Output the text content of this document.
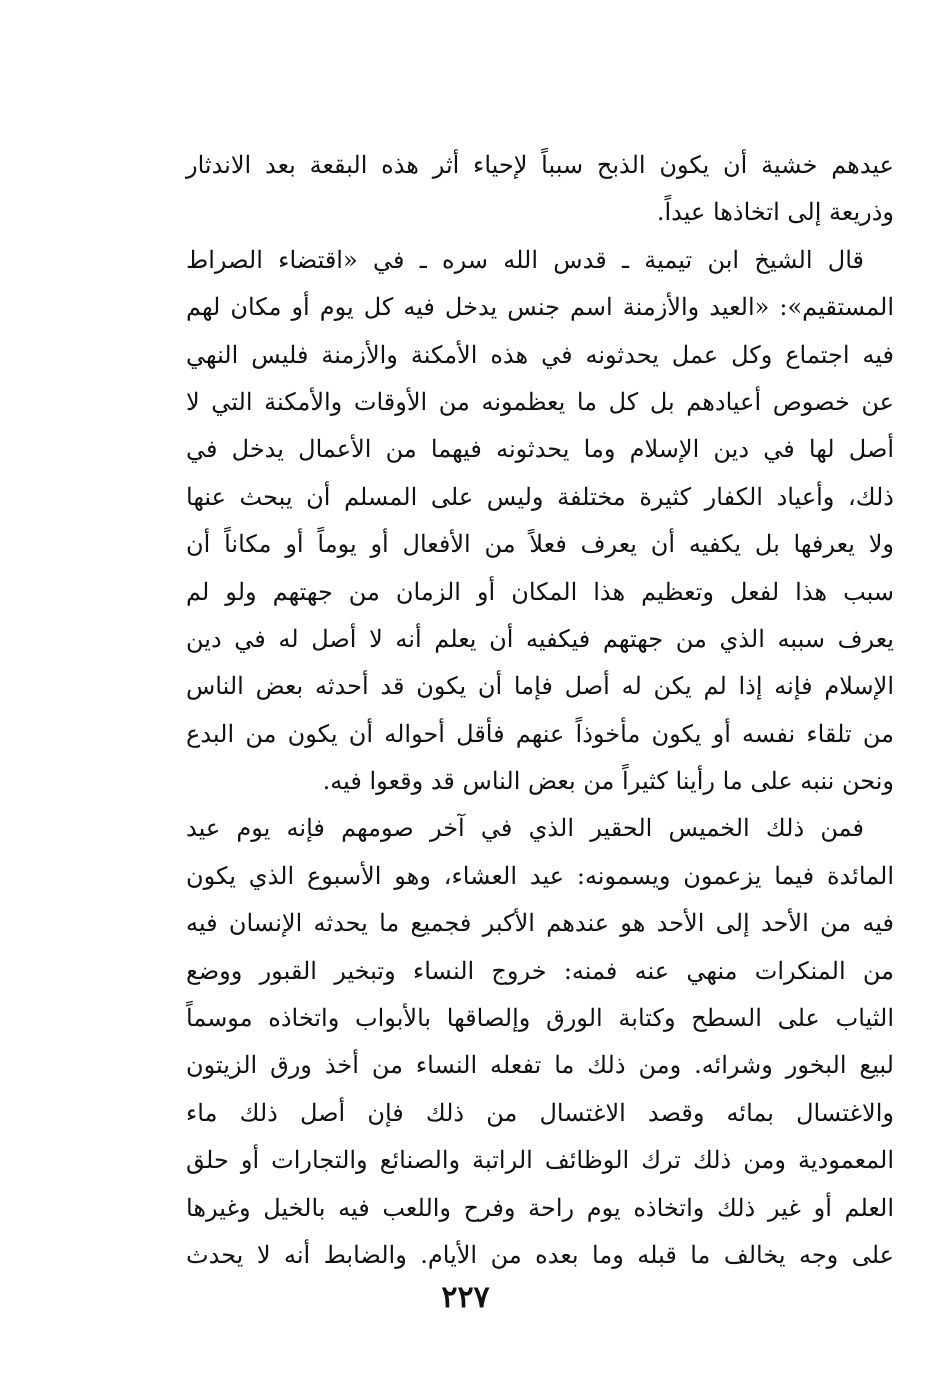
عيدهم خشية أن يكون الذبح سبباً لإحياء أثر هذه البقعة بعد الاندثار
وذريعة إلى اتخاذها عيداً.
قال الشيخ ابن تيمية ـ قدس الله سره ـ في «اقتضاء الصراط
المستقيم»: «العيد والأزمنة اسم جنس يدخل فيه كل يوم أو مكان لهم
فيه اجتماع وكل عمل يحدثونه في هذه الأمكنة والأزمنة فليس النهي
عن خصوص أعيادهم بل كل ما يعظمونه من الأوقات والأمكنة التي لا
أصل لها في دين الإسلام وما يحدثونه فيهما من الأعمال يدخل في
ذلك، وأعياد الكفار كثيرة مختلفة وليس على المسلم أن يبحث عنها
ولا يعرفها بل يكفيه أن يعرف فعلاً من الأفعال أو يوماً أو مكاناً أن
سبب هذا لفعل وتعظيم هذا المكان أو الزمان من جهتهم ولو لم
يعرف سببه الذي من جهتهم فيكفيه أن يعلم أنه لا أصل له في دين
الإسلام فإنه إذا لم يكن له أصل فإما أن يكون قد أحدثه بعض الناس
من تلقاء نفسه أو يكون مأخوذاً عنهم فأقل أحواله أن يكون من البدع
ونحن ننبه على ما رأينا كثيراً من بعض الناس قد وقعوا فيه.
فمن ذلك الخميس الحقير الذي في آخر صومهم فإنه يوم عيد
المائدة فيما يزعمون ويسمونه: عيد العشاء، وهو الأسبوع الذي يكون
فيه من الأحد إلى الأحد هو عندهم الأكبر فجميع ما يحدثه الإنسان فيه
من المنكرات منهي عنه فمنه: خروج النساء وتبخير القبور ووضع
الثياب على السطح وكتابة الورق وإلصاقها بالأبواب واتخاذه موسماً
لبيع البخور وشرائه. ومن ذلك ما تفعله النساء من أخذ ورق الزيتون
والاغتسال بمائه وقصد الاغتسال من ذلك فإن أصل ذلك ماء
المعمودية ومن ذلك ترك الوظائف الراتبة والصنائع والتجارات أو حلق
العلم أو غير ذلك واتخاذه يوم راحة وفرح واللعب فيه بالخيل وغيرها
على وجه يخالف ما قبله وما بعده من الأيام. والضابط أنه لا يحدث
٢٢٧
